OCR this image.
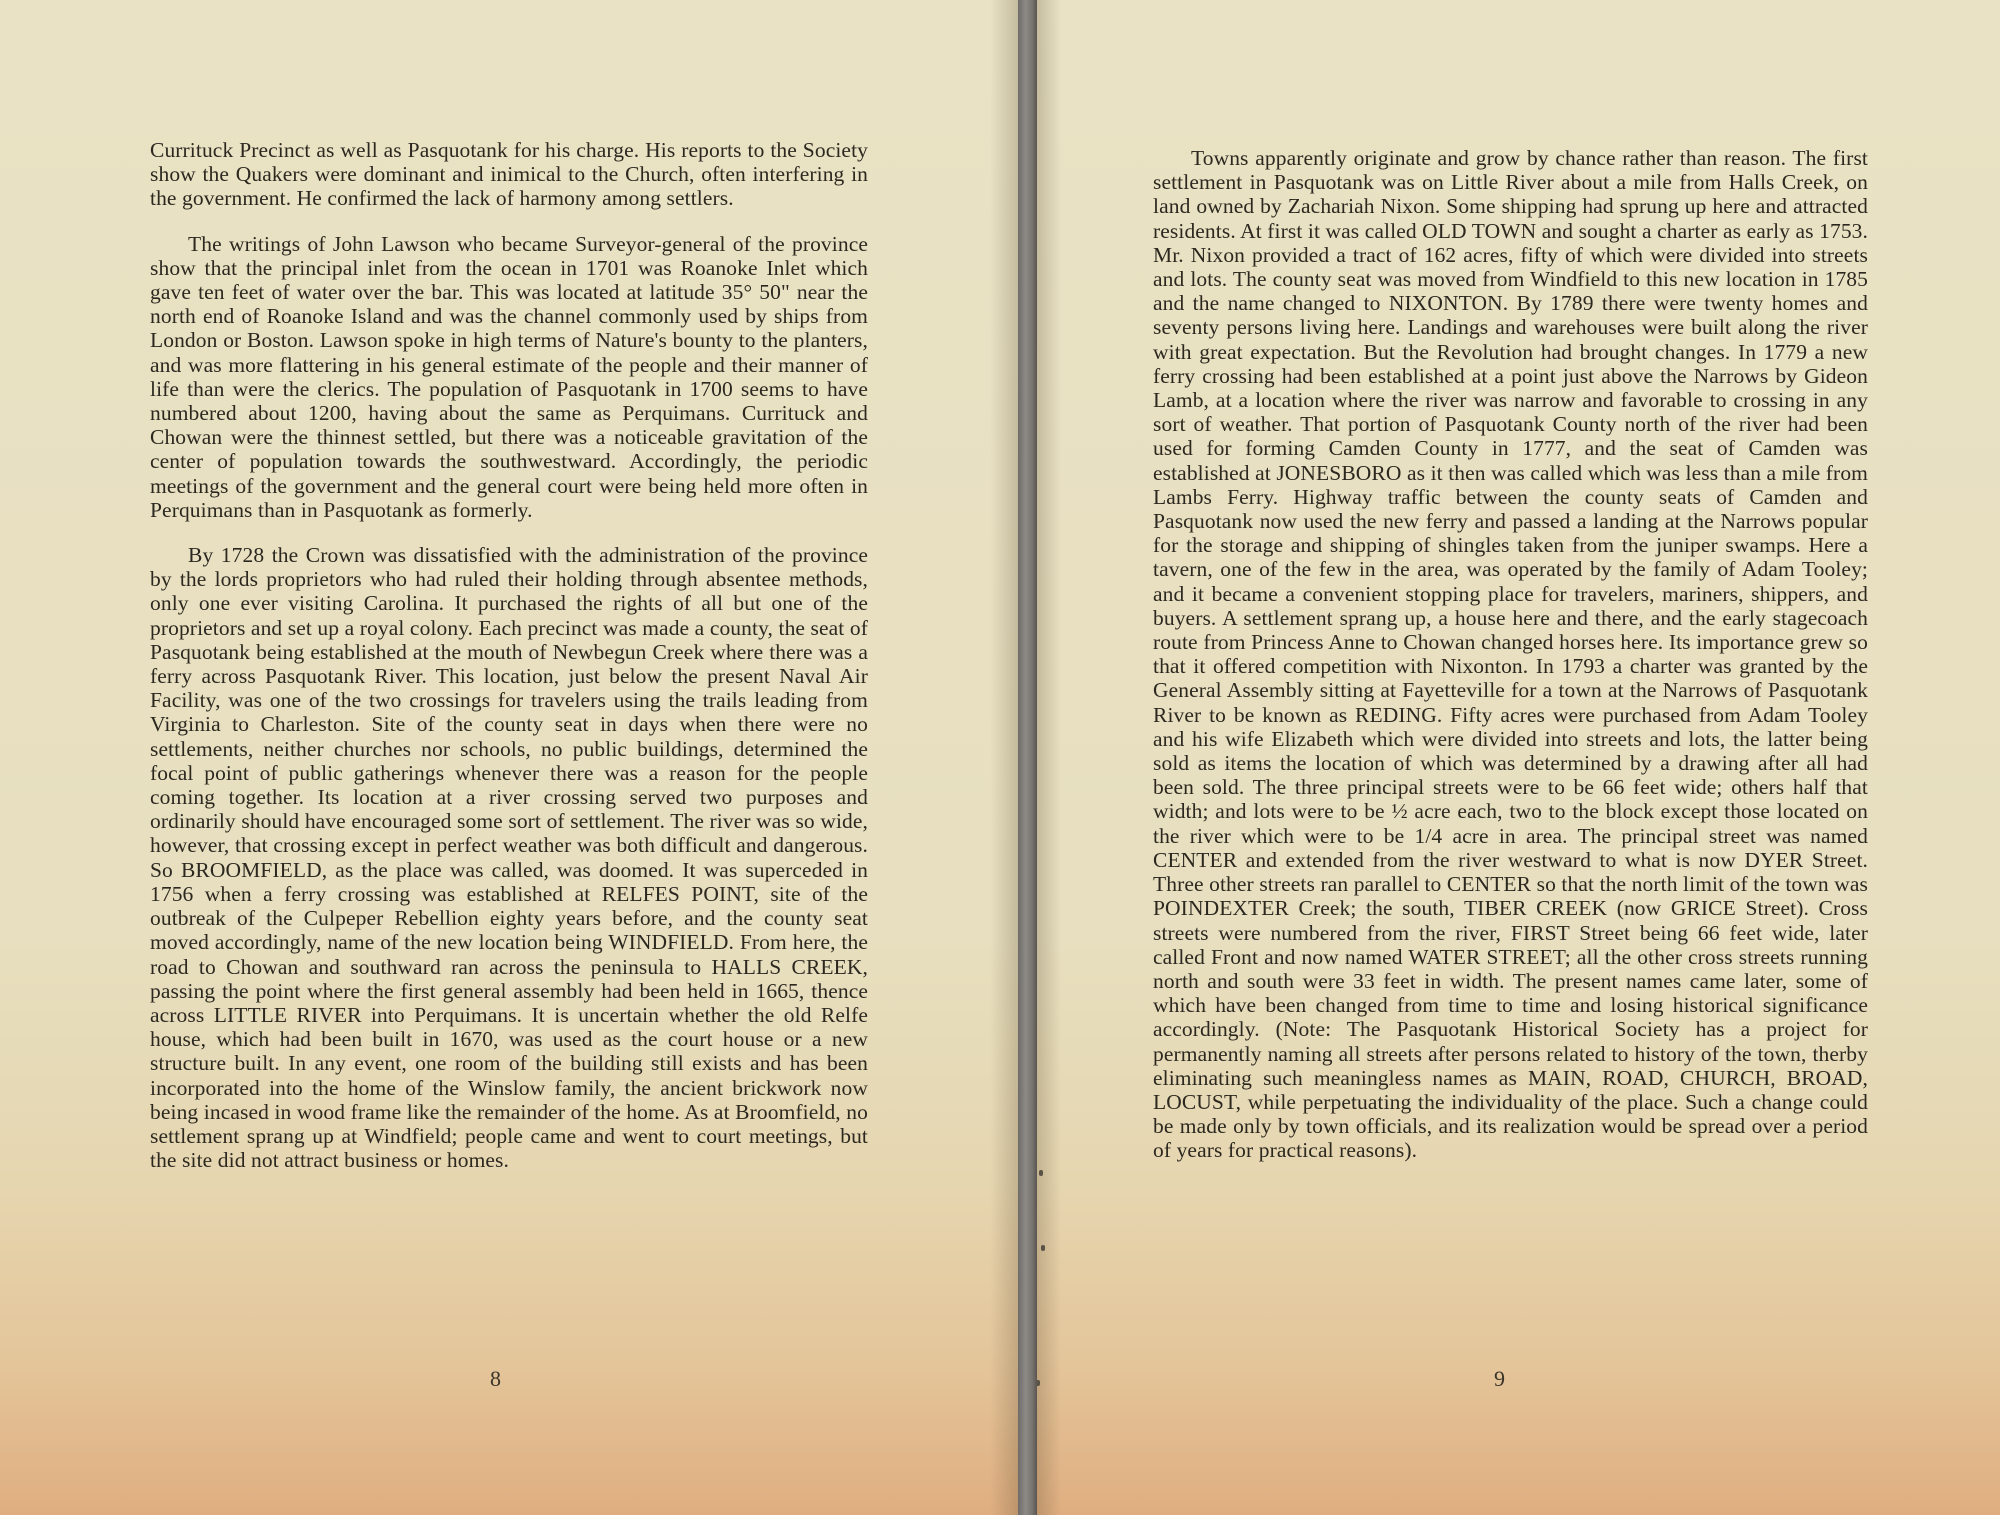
Currituck Precinct as well as Pasquotank for his charge. His reports to the Society show the Quakers were dominant and inimical to the Church, often interfering in the government. He confirmed the lack of harmony among settlers.

The writings of John Lawson who became Surveyor-general of the province show that the principal inlet from the ocean in 1701 was Roanoke Inlet which gave ten feet of water over the bar. This was located at latitude 35° 50" near the north end of Roanoke Island and was the channel commonly used by ships from London or Boston. Lawson spoke in high terms of Nature's bounty to the planters, and was more flattering in his general estimate of the people and their manner of life than were the clerics. The population of Pasquotank in 1700 seems to have numbered about 1200, having about the same as Perquimans. Currituck and Chowan were the thinnest settled, but there was a noticeable gravitation of the center of population towards the southwestward. Accordingly, the periodic meetings of the government and the general court were being held more often in Perquimans than in Pasquotank as formerly.

By 1728 the Crown was dissatisfied with the administration of the province by the lords proprietors who had ruled their holding through absentee methods, only one ever visiting Carolina. It purchased the rights of all but one of the proprietors and set up a royal colony. Each precinct was made a county, the seat of Pasquotank being established at the mouth of Newbegun Creek where there was a ferry across Pasquotank River. This location, just below the present Naval Air Facility, was one of the two crossings for travelers using the trails leading from Virginia to Charleston. Site of the county seat in days when there were no settlements, neither churches nor schools, no public buildings, determined the focal point of public gatherings whenever there was a reason for the people coming together. Its location at a river crossing served two purposes and ordinarily should have encouraged some sort of settlement. The river was so wide, however, that crossing except in perfect weather was both difficult and dangerous. So BROOMFIELD, as the place was called, was doomed. It was superceded in 1756 when a ferry crossing was established at RELFES POINT, site of the outbreak of the Culpeper Rebellion eighty years before, and the county seat moved accordingly, name of the new location being WINDFIELD. From here, the road to Chowan and southward ran across the peninsula to HALLS CREEK, passing the point where the first general assembly had been held in 1665, thence across LITTLE RIVER into Perquimans. It is uncertain whether the old Relfe house, which had been built in 1670, was used as the court house or a new structure built. In any event, one room of the building still exists and has been incorporated into the home of the Winslow family, the ancient brickwork now being incased in wood frame like the remainder of the home. As at Broomfield, no settlement sprang up at Windfield; people came and went to court meetings, but the site did not attract business or homes.

8

Towns apparently originate and grow by chance rather than reason. The first settlement in Pasquotank was on Little River about a mile from Halls Creek, on land owned by Zachariah Nixon. Some shipping had sprung up here and attracted residents. At first it was called OLD TOWN and sought a charter as early as 1753. Mr. Nixon provided a tract of 162 acres, fifty of which were divided into streets and lots. The county seat was moved from Windfield to this new location in 1785 and the name changed to NIXONTON. By 1789 there were twenty homes and seventy persons living here. Landings and warehouses were built along the river with great expectation. But the Revolution had brought changes. In 1779 a new ferry crossing had been established at a point just above the Narrows by Gideon Lamb, at a location where the river was narrow and favorable to crossing in any sort of weather. That portion of Pasquotank County north of the river had been used for forming Camden County in 1777, and the seat of Camden was established at JONESBORO as it then was called which was less than a mile from Lambs Ferry. Highway traffic between the county seats of Camden and Pasquotank now used the new ferry and passed a landing at the Narrows popular for the storage and shipping of shingles taken from the juniper swamps. Here a tavern, one of the few in the area, was operated by the family of Adam Tooley; and it became a convenient stopping place for travelers, mariners, shippers, and buyers. A settlement sprang up, a house here and there, and the early stagecoach route from Princess Anne to Chowan changed horses here. Its importance grew so that it offered competition with Nixonton. In 1793 a charter was granted by the General Assembly sitting at Fayetteville for a town at the Narrows of Pasquotank River to be known as REDING. Fifty acres were purchased from Adam Tooley and his wife Elizabeth which were divided into streets and lots, the latter being sold as items the location of which was determined by a drawing after all had been sold. The three principal streets were to be 66 feet wide; others half that width; and lots were to be ½ acre each, two to the block except those located on the river which were to be 1/4 acre in area. The principal street was named CENTER and extended from the river westward to what is now DYER Street. Three other streets ran parallel to CENTER so that the north limit of the town was POINDEXTER Creek; the south, TIBER CREEK (now GRICE Street). Cross streets were numbered from the river, FIRST Street being 66 feet wide, later called Front and now named WATER STREET; all the other cross streets running north and south were 33 feet in width. The present names came later, some of which have been changed from time to time and losing historical significance accordingly. (Note: The Pasquotank Historical Society has a project for permanently naming all streets after persons related to history of the town, therby eliminating such meaningless names as MAIN, ROAD, CHURCH, BROAD, LOCUST, while perpetuating the individuality of the place. Such a change could be made only by town officials, and its realization would be spread over a period of years for practical reasons).

9
